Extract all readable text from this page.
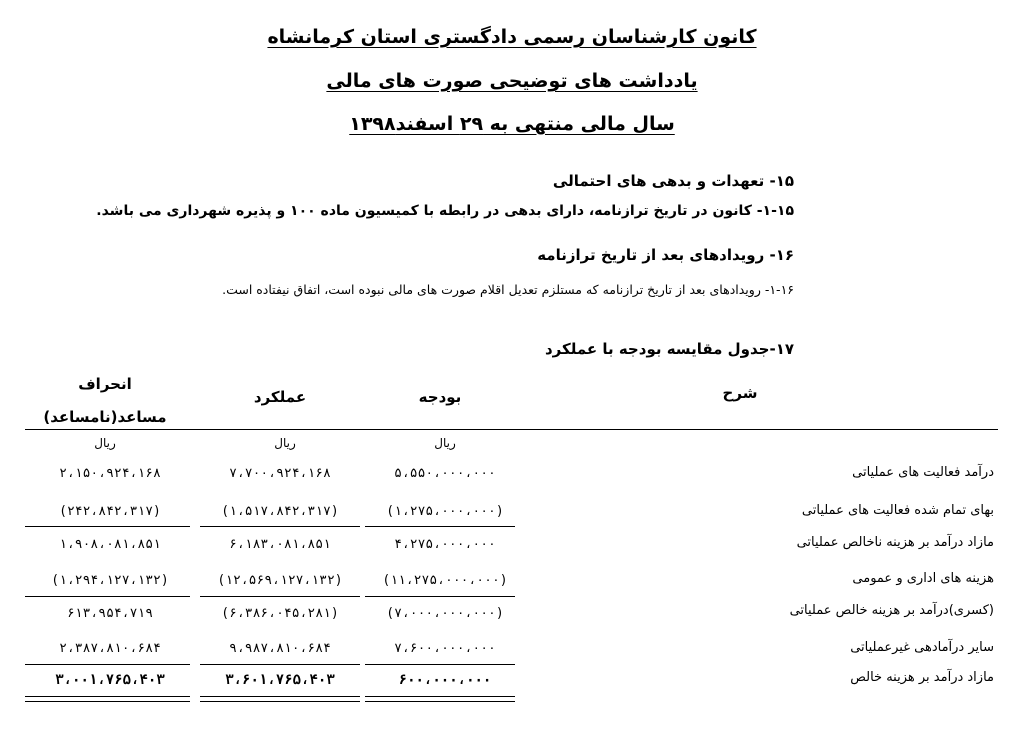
کانون کارشناسان رسمی دادگستری استان کرمانشاه
یادداشت های توضیحی صورت های مالی
سال مالی منتهی به ۲۹ اسفند۱۳۹۸
۱۵- تعهدات و بدهی های احتمالی
۱-۱۵- کانون در تاریخ ترازنامه، دارای بدهی در رابطه با کمیسیون ماده ۱۰۰ و پذیره شهرداری می باشد.
۱۶- رویدادهای بعد از تاریخ ترازنامه
۱-۱۶- رویدادهای بعد از تاریخ ترازنامه که مستلزم تعدیل اقلام صورت های مالی نبوده است، اتفاق نیفتاده است.
۱۷-جدول مقایسه بودجه با عملکرد
شرح
بودجه
عملکرد
انحراف
مساعد(نامساعد)
ریال
ریال
ریال
درآمد فعالیت های عملیاتی
۵،۵۵۰،۰۰۰،۰۰۰
۷،۷۰۰،۹۲۴،۱۶۸
۲،۱۵۰،۹۲۴،۱۶۸
بهای تمام شده فعالیت های عملیاتی
(۱،۲۷۵،۰۰۰،۰۰۰)
(۱،۵۱۷،۸۴۲،۳۱۷)
(۲۴۲،۸۴۲،۳۱۷)
مازاد درآمد بر هزینه ناخالص عملیاتی
۴،۲۷۵،۰۰۰،۰۰۰
۶،۱۸۳،۰۸۱،۸۵۱
۱،۹۰۸،۰۸۱،۸۵۱
هزینه های اداری و عمومی
(۱۱،۲۷۵،۰۰۰،۰۰۰)
(۱۲،۵۶۹،۱۲۷،۱۳۲)
(۱،۲۹۴،۱۲۷،۱۳۲)
(کسری)درآمد بر هزینه خالص عملیاتی
(۷،۰۰۰،۰۰۰،۰۰۰)
(۶،۳۸۶،۰۴۵،۲۸۱)
۶۱۳،۹۵۴،۷۱۹
سایر درآمادهی غیرعملیاتی
۷،۶۰۰،۰۰۰،۰۰۰
۹،۹۸۷،۸۱۰،۶۸۴
۲،۳۸۷،۸۱۰،۶۸۴
مازاد درآمد بر هزینه خالص
۶۰۰،۰۰۰،۰۰۰
۳،۶۰۱،۷۶۵،۴۰۳
۳،۰۰۱،۷۶۵،۴۰۳
